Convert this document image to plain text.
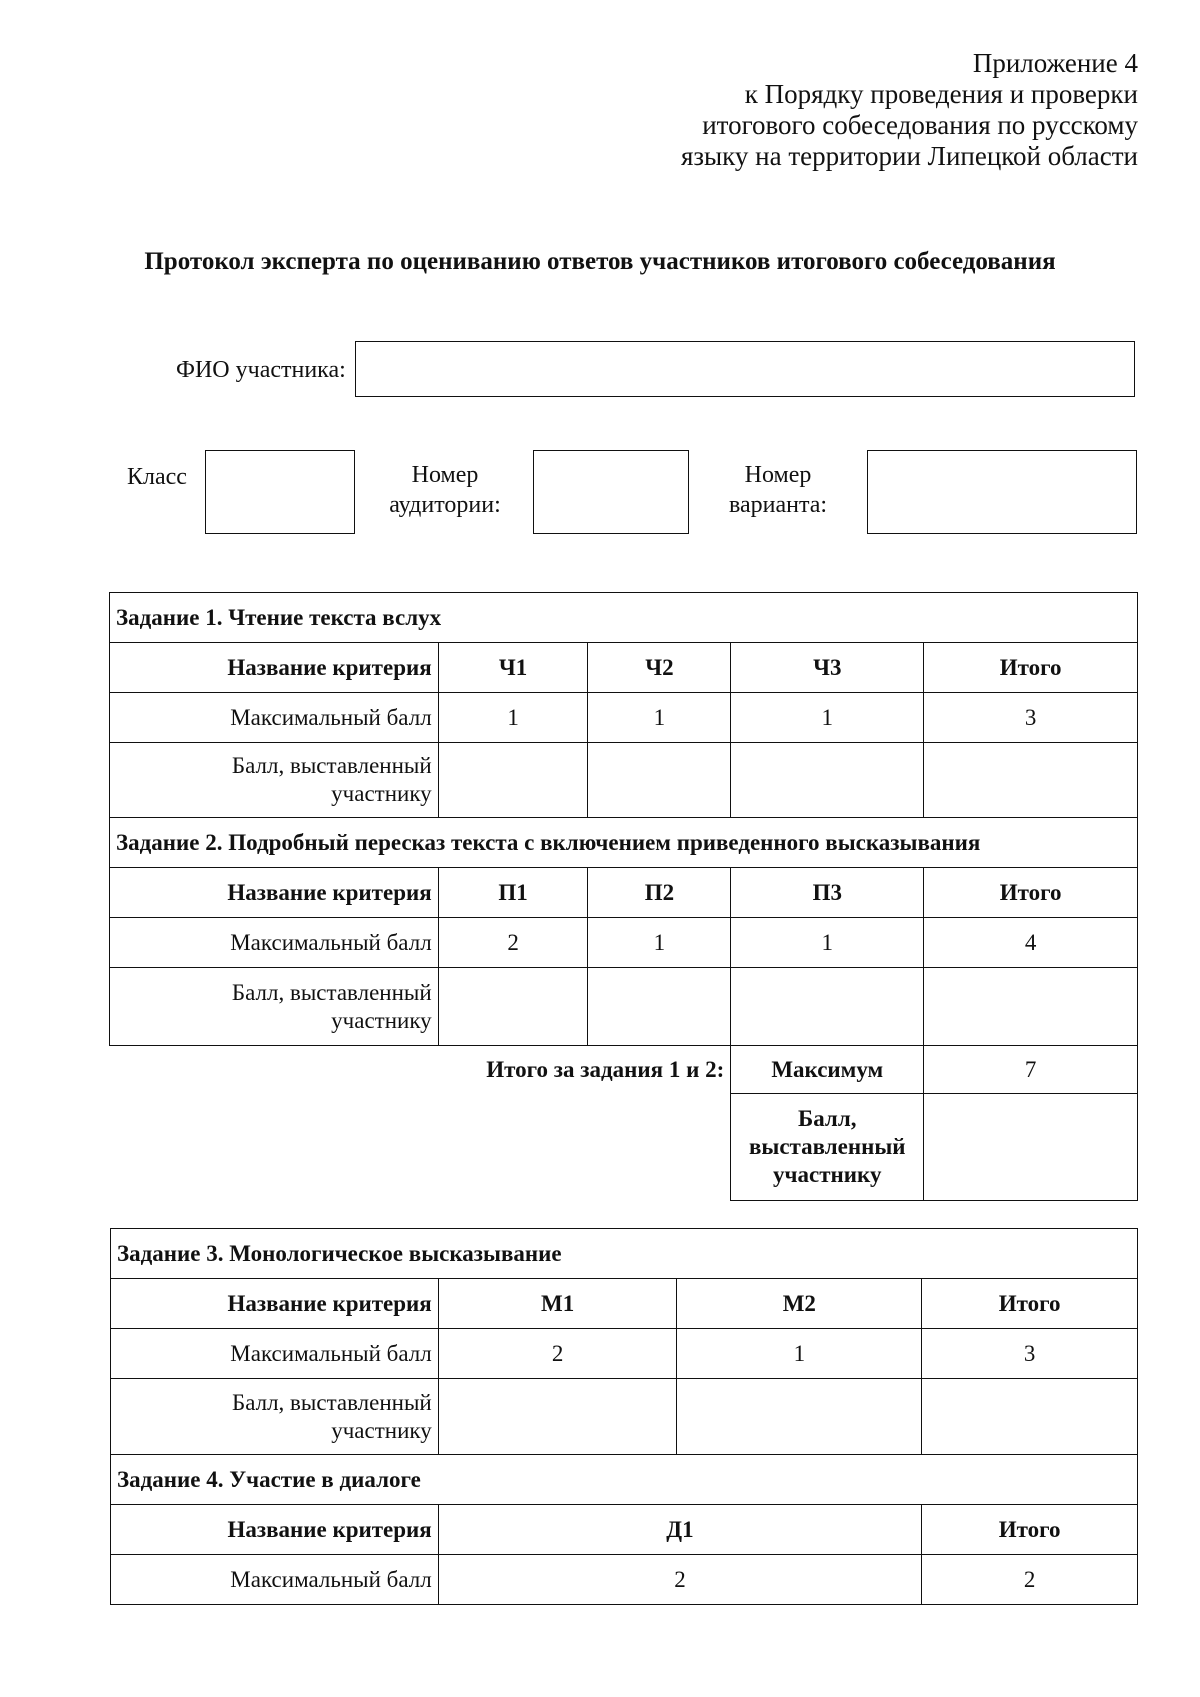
Приложение 4
к Порядку проведения и проверки
итогового собеседования по русскому
языку на территории Липецкой области
Протокол эксперта по оцениванию ответов участников итогового собеседования
ФИО участника:
Класс	Номер
аудитории:
Номер
варианта:
Задание 1. Чтение текста вслух				
Название критерия	Ч1	Ч2	Ч3	Итого
Максимальный балл	1	1	1	3

Балл, выставленный
участнику				

Задание 2. Подробный пересказ текста с включением приведенного высказывания				
Название критерия	П1	П2	П3	Итого
Максимальный балл	2	1	1	4

Балл, выставленный
участнику				

Итого за задания 1 и 2:			Максимум	7

			Балл,
выставленный
участнику	

Задание 3. Монологическое высказывание			
Название критерия	М1	М2	Итого
Максимальный балл	2	1	3

Балл, выставленный
участнику			

Задание 4. Участие в диалоге			
Название критерия	Д1		Итого
Максимальный балл	2		2
